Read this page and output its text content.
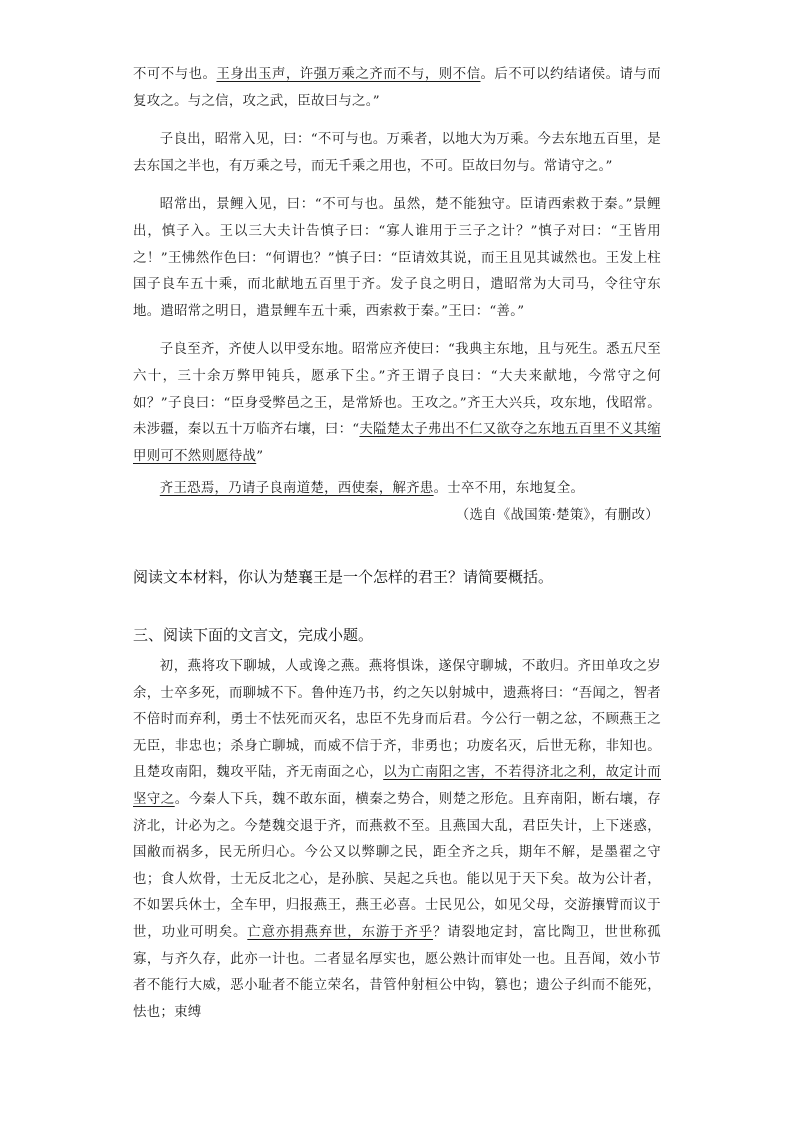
不可不与也。王身出玉声，许强万乘之齐而不与，则不信。后不可以约结诸侯。请与而复攻之。与之信，攻之武，臣故曰与之。”

子良出，昭常入见，曰：“不可与也。万乘者，以地大为万乘。今去东地五百里，是去东国之半也，有万乘之号，而无千乘之用也，不可。臣故曰勿与。常请守之。”

昭常出，景鲤入见，曰：“不可与也。虽然，楚不能独守。臣请西索救于秦。”景鲤出，慎子入。王以三大夫计告慎子曰：“寡人谁用于三子之计？”慎子对曰：“王皆用之！”王怫然作色曰：“何谓也？”慎子曰：“臣请效其说，而王且见其诚然也。王发上柱国子良车五十乘，而北献地五百里于齐。发子良之明日，遣昭常为大司马，令往守东地。遣昭常之明日，遣景鲤车五十乘，西索救于秦。”王曰：“善。”

子良至齐，齐使人以甲受东地。昭常应齐使曰：“我典主东地，且与死生。悉五尺至六十，三十余万弊甲钝兵，愿承下尘。”齐王谓子良曰：“大夫来献地，今常守之何如？”子良曰：“臣身受弊邑之王，是常矫也。王攻之。”齐王大兴兵，攻东地，伐昭常。未涉疆，秦以五十万临齐右壤，曰：“夫隘楚太子弗出不仁又欲夺之东地五百里不义其缩甲则可不然则愿待战”

齐王恐焉，乃请子良南道楚，西使秦，解齐患。士卒不用，东地复全。

（选自《战国策·楚策》，有删改）

阅读文本材料，你认为楚襄王是一个怎样的君王？请简要概括。

三、阅读下面的文言文，完成小题。

初，燕将攻下聊城，人或谗之燕。燕将惧诛，遂保守聊城，不敢归。齐田单攻之岁余，士卒多死，而聊城不下。鲁仲连乃书，约之矢以射城中，遗燕将曰：“吾闻之，智者不倍时而弃利，勇士不怯死而灭名，忠臣不先身而后君。今公行一朝之忿，不顾燕王之无臣，非忠也；杀身亡聊城，而威不信于齐，非勇也；功废名灭，后世无称，非知也。且楚攻南阳，魏攻平陆，齐无南面之心，以为亡南阳之害，不若得济北之利，故定计而坚守之。今秦人下兵，魏不敢东面，横秦之势合，则楚之形危。且弃南阳，断右壤，存济北，计必为之。今楚魏交退于齐，而燕救不至。且燕国大乱，君臣失计，上下迷惑，国敝而祸多，民无所归心。今公又以弊聊之民，距全齐之兵，期年不解，是墨翟之守也；食人炊骨，士无反北之心，是孙膑、吴起之兵也。能以见于天下矣。故为公计者，不如罢兵休士，全车甲，归报燕王，燕王必喜。士民见公，如见父母，交游攘臂而议于世，功业可明矣。亡意亦捐燕弃世，东游于齐乎？请裂地定封，富比陶卫，世世称孤寡，与齐久存，此亦一计也。二者显名厚实也，愿公熟计而审处一也。且吾闻，效小节者不能行大威，恶小耻者不能立荣名，昔管仲射桓公中钩，篡也；遗公子纠而不能死，怯也；束缚
